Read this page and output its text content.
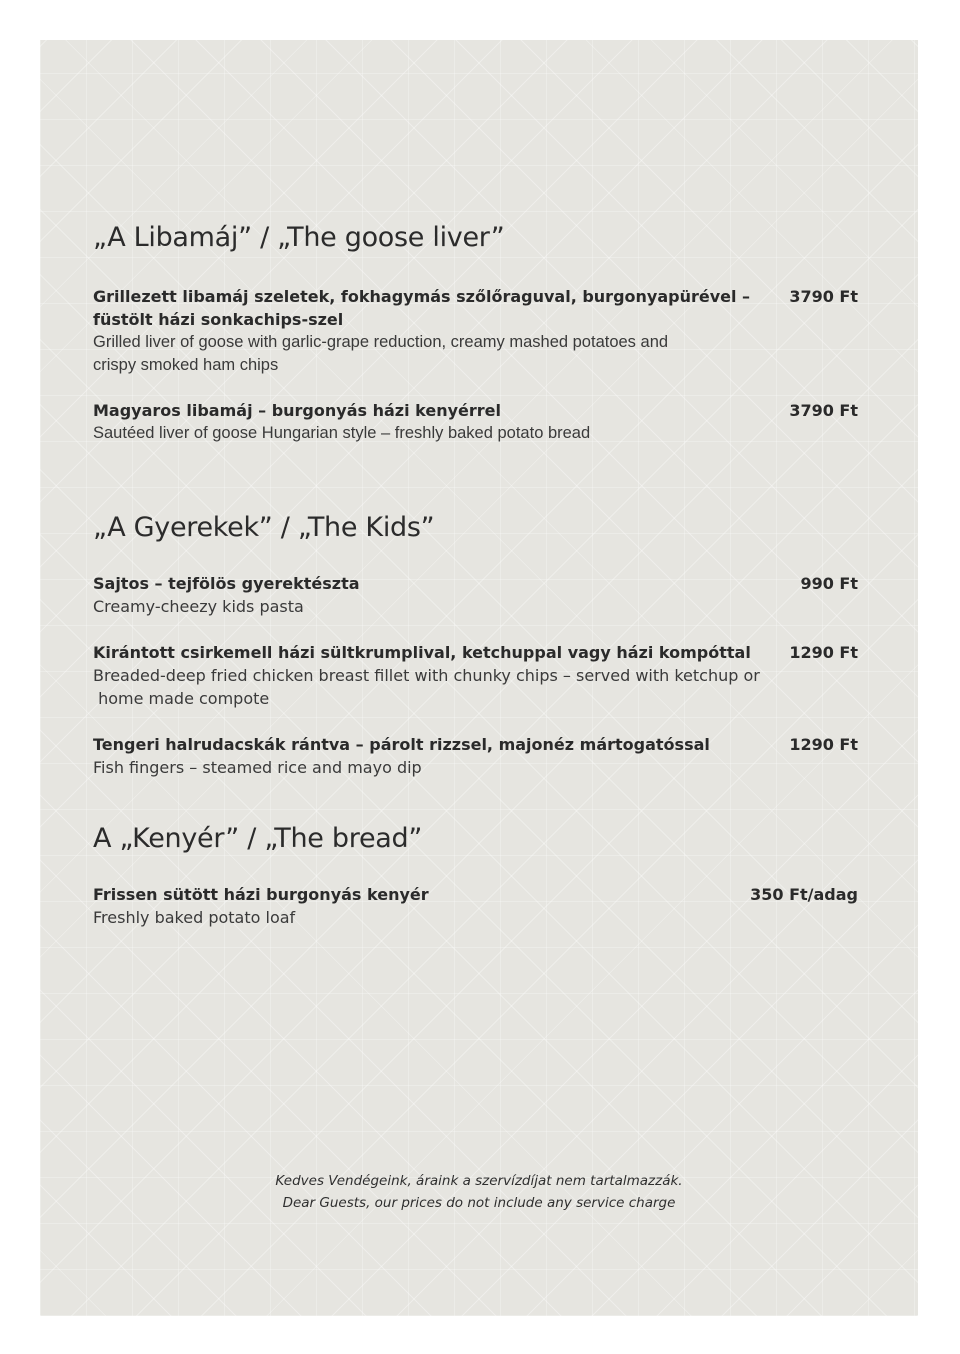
„A Libamáj” / „The goose liver”
Grillezett libamáj szeletek, fokhagymás szőlőraguval, burgonyapürével –
füstölt házi sonkachips-szel
Grilled liver of goose with garlic-grape reduction, creamy mashed potatoes and
crispy smoked ham chips
3790 Ft
Magyaros libamáj – burgonyás házi kenyérrel
Sautéed liver of goose Hungarian style – freshly baked potato bread
3790 Ft
„A Gyerekek” / „The Kids”
Sajtos – tejfölös gyerektészta
Creamy-cheezy kids pasta
990 Ft
Kirántott csirkemell házi sültkrumplival, ketchuppal vagy házi kompóttal
Breaded-deep fried chicken breast fillet with chunky chips – served with ketchup or
home made compote
1290 Ft
Tengeri halrudacskák rántva – párolt rizzsel, majonéz mártogatóssal
Fish fingers – steamed rice and mayo dip
1290 Ft
A „Kenyér” / „The bread”
Frissen sütött házi burgonyás kenyér
Freshly baked potato loaf
350 Ft/adag
Kedves Vendégeink, áraink a szervízdíjat nem tartalmazzák.
Dear Guests, our prices do not include any service charge
